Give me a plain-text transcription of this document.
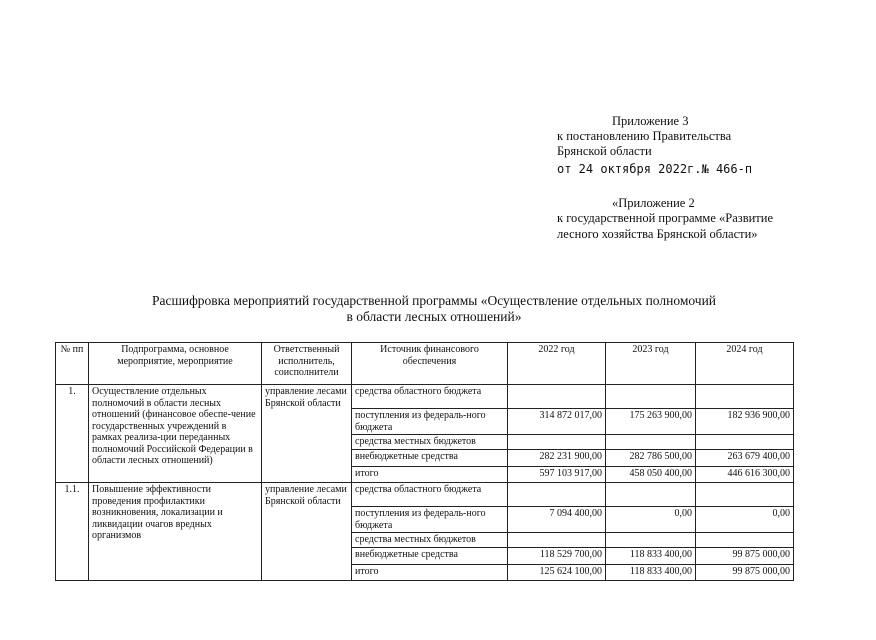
Приложение 3
к постановлению Правительства
Брянской области
от 24 октября 2022г.№ 466-п
«Приложение 2
к государственной программе «Развитие
лесного хозяйства Брянской области»
Расшифровка мероприятий государственной программы «Осуществление отдельных полномочий
в области лесных отношений»
№ пп	Подпрограмма, основное мероприятие, мероприятие	Ответственный исполнитель, соисполнители	Источник финансового обеспечения	2022 год	2023 год	2024 год
1.	Осуществление отдельных полномочий в области лесных отношений (финансовое обеспе-чение государственных учреждений в рамках реализа-ции переданных полномочий Российской Федерации в области лесных отношений)	управление лесами Брянской области	средства областного бюджета			
			поступления из федераль-ного бюджета	314 872 017,00	175 263 900,00	182 936 900,00
			средства местных бюджетов			
			внебюджетные средства	282 231 900,00	282 786 500,00	263 679 400,00
			итого	597 103 917,00	458 050 400,00	446 616 300,00
1.1.	Повышение эффективности проведения профилактики возникновения, локализации и ликвидации очагов вредных организмов	управление лесами Брянской области	средства областного бюджета			
			поступления из федераль-ного бюджета	7 094 400,00	0,00	0,00
			средства местных бюджетов			
			внебюджетные средства	118 529 700,00	118 833 400,00	99 875 000,00
			итого	125 624 100,00	118 833 400,00	99 875 000,00
